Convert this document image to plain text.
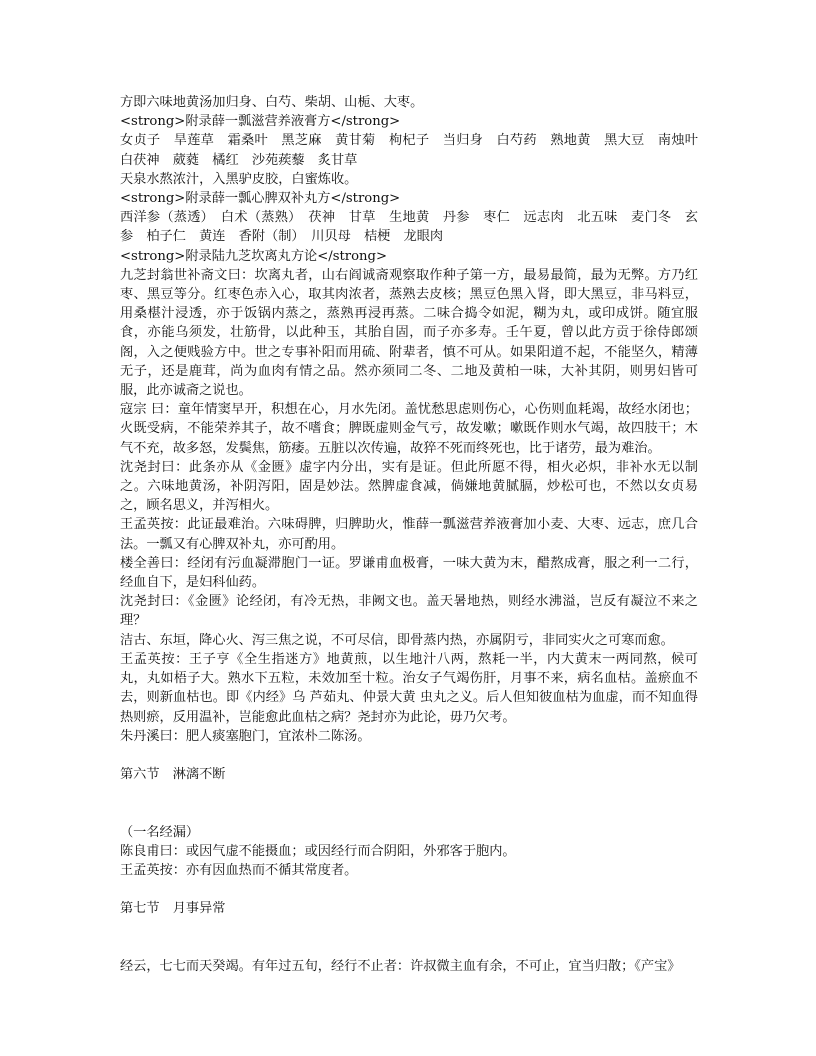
方即六味地黄汤加归身、白芍、柴胡、山栀、大枣。

<strong>附录薛一瓢滋营养液膏方</strong>

女贞子　旱莲草　霜桑叶　黑芝麻　黄甘菊　枸杞子　当归身　白芍药　熟地黄　黑大豆　南烛叶　白茯神　葳蕤　橘红　沙苑蒺藜　炙甘草

天泉水熬浓汁，入黑驴皮胶，白蜜炼收。

<strong>附录薛一瓢心脾双补丸方</strong>

西洋参（蒸透）　白术（蒸熟）　茯神　甘草　生地黄　丹参　枣仁　远志肉　北五味　麦门冬　玄参　柏子仁　黄连　香附（制）　川贝母　桔梗　龙眼肉

<strong>附录陆九芝坎离丸方论</strong>

九芝封翁世补斋文曰：坎离丸者，山右阎诚斋观察取作种子第一方，最易最简，最为无弊。方乃红枣、黑豆等分。红枣色赤入心，取其肉浓者，蒸熟去皮核；黑豆色黑入肾，即大黑豆，非马料豆，用桑椹汁浸透，亦于饭锅内蒸之，蒸熟再浸再蒸。二味合捣令如泥，糊为丸，或印成饼。随宜服食，亦能乌须发，壮筋骨，以此种玉，其胎自固，而子亦多寿。壬午夏，曾以此方贡于徐侍郎颂阁，入之便贱验方中。世之专事补阳而用硫、附辈者，慎不可从。如果阳道不起，不能坚久，精薄无子，还是鹿茸，尚为血肉有情之品。然亦须同二冬、二地及黄柏一味，大补其阴，则男妇皆可服，此亦诚斋之说也。

寇宗 曰：童年情窦早开，积想在心，月水先闭。盖忧愁思虑则伤心，心伤则血耗竭，故经水闭也；火既受病，不能荣养其子，故不嗜食；脾既虚则金气亏，故发嗽；嗽既作则水气竭，故四肢干；木气不充，故多怒，发鬓焦，筋痿。五脏以次传遍，故猝不死而终死也，比于诸劳，最为难治。

沈尧封曰：此条亦从《金匮》虚字内分出，实有是证。但此所愿不得，相火必炽，非补水无以制之。六味地黄汤，补阴泻阳，固是妙法。然脾虚食减，倘嫌地黄腻膈，炒松可也，不然以女贞易之，顾名思义，并泻相火。

王孟英按：此证最难治。六味碍脾，归脾助火，惟薛一瓢滋营养液膏加小麦、大枣、远志，庶几合法。一瓢又有心脾双补丸，亦可酌用。

楼全善曰：经闭有污血凝滞胞门一证。罗谦甫血极膏，一味大黄为末，醋熬成膏，服之利一二行，经血自下，是妇科仙药。

沈尧封曰：《金匮》论经闭，有冷无热，非阙文也。盖天暑地热，则经水沸溢，岂反有凝泣不来之理？

洁古、东垣，降心火、泻三焦之说，不可尽信，即骨蒸内热，亦属阴亏，非同实火之可寒而愈。

王孟英按：王子亨《全生指迷方》地黄煎，以生地汁八两，熬耗一半，内大黄末一两同熬，候可丸，丸如梧子大。熟水下五粒，未效加至十粒。治女子气竭伤肝，月事不来，病名血枯。盖瘀血不去，则新血枯也。即《内经》乌 芦茹丸、仲景大黄 虫丸之义。后人但知彼血枯为血虚，而不知血得热则瘀，反用温补，岂能愈此血枯之病？尧封亦为此论，毋乃欠考。

朱丹溪曰：肥人痰塞胞门，宜浓朴二陈汤。

第六节　淋漓不断

（一名经漏）

陈良甫曰：或因气虚不能摄血；或因经行而合阴阳，外邪客于胞内。

王孟英按：亦有因血热而不循其常度者。

第七节　月事异常

经云，七七而天癸竭。有年过五旬，经行不止者：许叔微主血有余，不可止，宜当归散；《产宝》
